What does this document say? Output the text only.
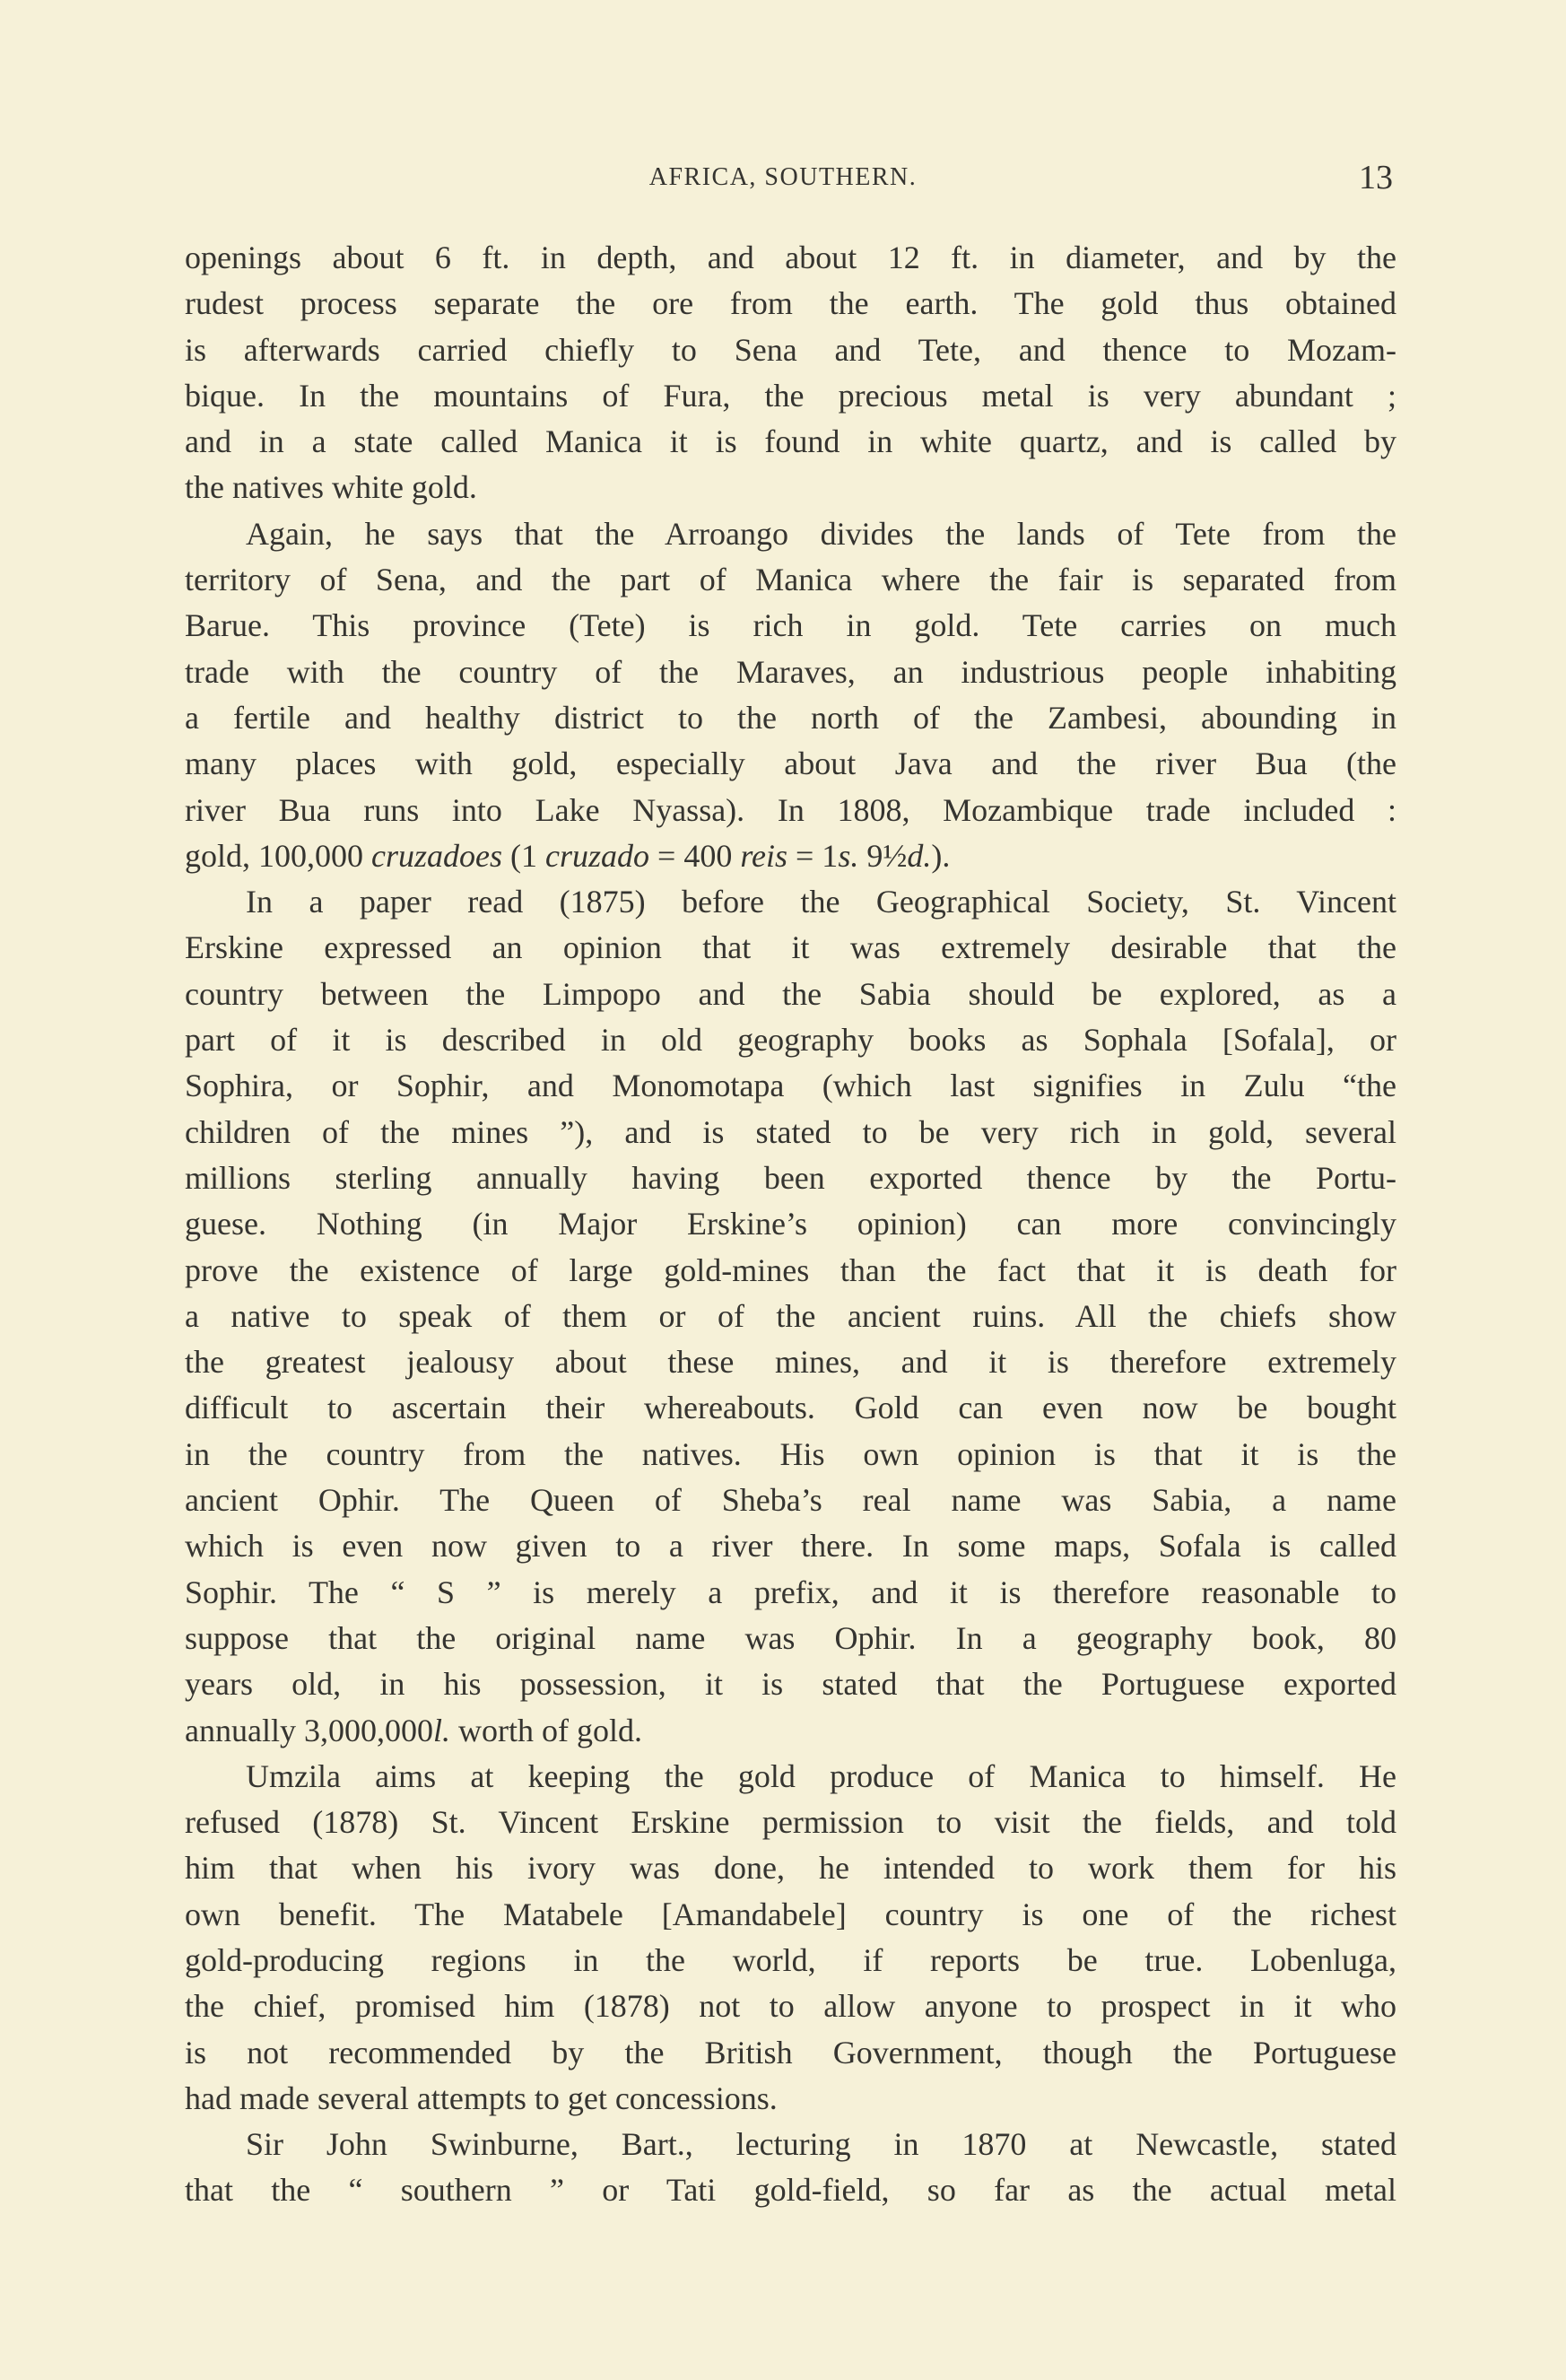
AFRICA, SOUTHERN.	13
openings about 6 ft. in depth, and about 12 ft. in diameter, and by the
rudest process separate the ore from the earth. The gold thus obtained
is afterwards carried chiefly to Sena and Tete, and thence to Mozam-
bique. In the mountains of Fura, the precious metal is very abundant ;
and in a state called Manica it is found in white quartz, and is called by
the natives white gold.
Again, he says that the Arroango divides the lands of Tete from the
territory of Sena, and the part of Manica where the fair is separated from
Barue. This province (Tete) is rich in gold. Tete carries on much
trade with the country of the Maraves, an industrious people inhabiting
a fertile and healthy district to the north of the Zambesi, abounding in
many places with gold, especially about Java and the river Bua (the
river Bua runs into Lake Nyassa). In 1808, Mozambique trade included :
gold, 100,000 cruzadoes (1 cruzado = 400 reis = 1s. 9½d.).
In a paper read (1875) before the Geographical Society, St. Vincent
Erskine expressed an opinion that it was extremely desirable that the
country between the Limpopo and the Sabia should be explored, as a
part of it is described in old geography books as Sophala [Sofala], or
Sophira, or Sophir, and Monomotapa (which last signifies in Zulu “the
children of the mines ”), and is stated to be very rich in gold, several
millions sterling annually having been exported thence by the Portu-
guese. Nothing (in Major Erskine’s opinion) can more convincingly
prove the existence of large gold-mines than the fact that it is death for
a native to speak of them or of the ancient ruins. All the chiefs show
the greatest jealousy about these mines, and it is therefore extremely
difficult to ascertain their whereabouts. Gold can even now be bought
in the country from the natives. His own opinion is that it is the
ancient Ophir. The Queen of Sheba’s real name was Sabia, a name
which is even now given to a river there. In some maps, Sofala is called
Sophir. The “ S ” is merely a prefix, and it is therefore reasonable to
suppose that the original name was Ophir. In a geography book, 80
years old, in his possession, it is stated that the Portuguese exported
annually 3,000,000l. worth of gold.
Umzila aims at keeping the gold produce of Manica to himself. He
refused (1878) St. Vincent Erskine permission to visit the fields, and told
him that when his ivory was done, he intended to work them for his
own benefit. The Matabele [Amandabele] country is one of the richest
gold-producing regions in the world, if reports be true. Lobenluga,
the chief, promised him (1878) not to allow anyone to prospect in it who
is not recommended by the British Government, though the Portuguese
had made several attempts to get concessions.
Sir John Swinburne, Bart., lecturing in 1870 at Newcastle, stated
that the “ southern ” or Tati gold-field, so far as the actual metal
